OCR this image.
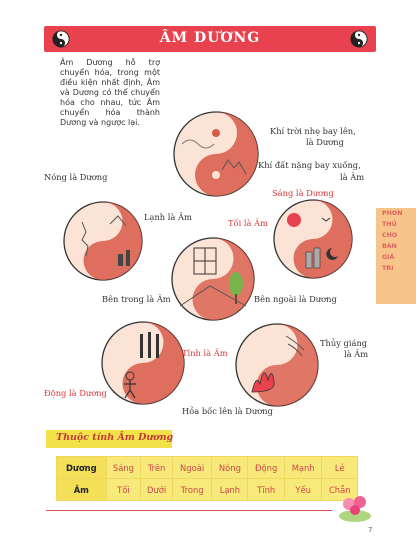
ÂM DƯƠNG
Âm Dương hỗ trợ chuyển hóa, trong một điều kiện nhất định, Âm và Dương có thể chuyển hóa cho nhau, tức Âm chuyển hóa thành Dương và ngược lại.
Khí trời nhẹ bay lên,
là Dương
Khí đất nặng bay xuống,
là Âm
Nóng là Dương
Lạnh là Âm
Sáng là Dương
Tối là Âm
Bên trong là Âm	Bên ngoài là Dương
PHON
THỦ
CHO
BAN
GIÁ
TRI
Tĩnh là Âm
Động là Dương
Thủy giáng
là Âm
Hỏa bốc lên là Dương
Thuộc tính Âm Dương
Dương	Sáng	Trên	Ngoài	Nóng	Động	Mạnh	Lẻ
Âm	Tối	Dưới	Trong	Lạnh	Tĩnh	Yếu	Chẵn
7
